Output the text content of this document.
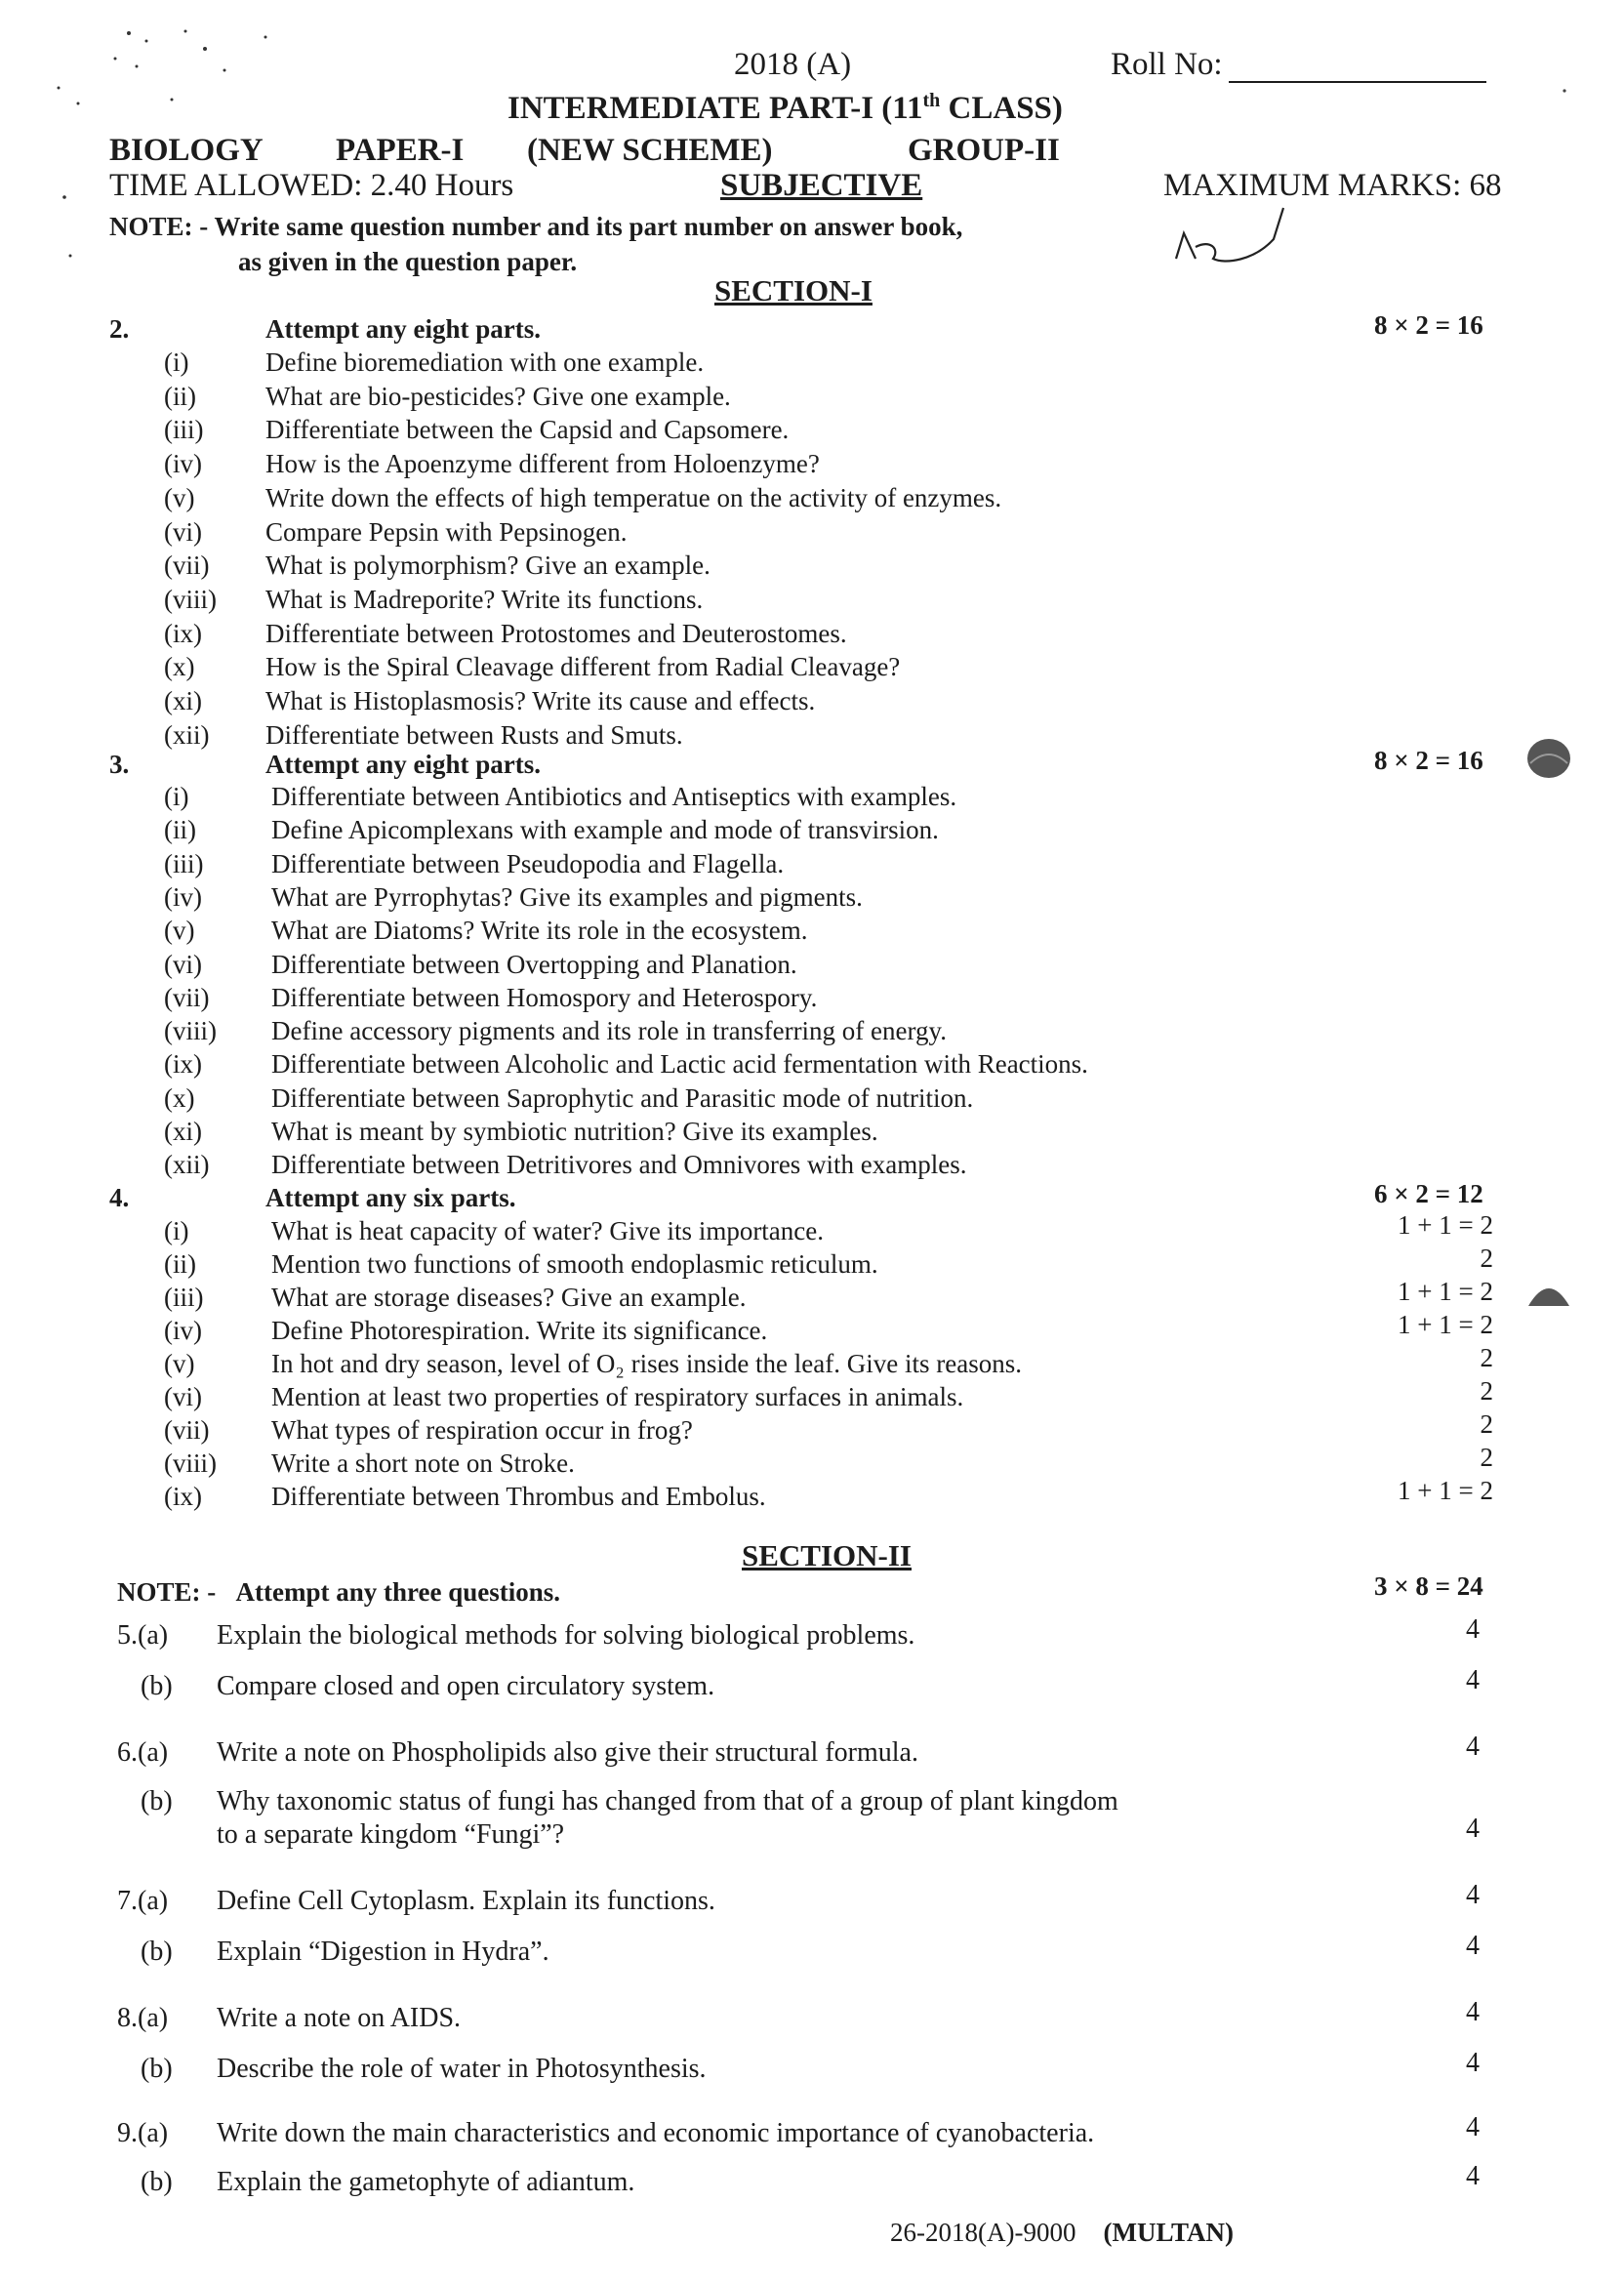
2018 (A)	Roll No:
INTERMEDIATE PART-I (11th CLASS)
BIOLOGY PAPER-I (NEW SCHEME)	GROUP-II
TIME ALLOWED: 2.40 Hours	SUBJECTIVE	MAXIMUM MARKS: 68
NOTE: - Write same question number and its part number on answer book,
as given in the question paper.
SECTION-I
2.	Attempt any eight parts.	8 × 2 = 16
(i)	Define bioremediation with one example.
(ii)	What are bio-pesticides? Give one example.
(iii) Differentiate between the Capsid and Capsomere.
(iv) How is the Apoenzyme different from Holoenzyme?
(v)	Write down the effects of high temperatue on the activity of enzymes.
(vi) Compare Pepsin with Pepsinogen.
(vii) What is polymorphism? Give an example.
(viii) What is Madreporite? Write its functions.
(ix) Differentiate between Protostomes and Deuterostomes.
(x)	How is the Spiral Cleavage different from Radial Cleavage?
(xi) What is Histoplasmosis? Write its cause and effects.
(xii) Differentiate between Rusts and Smuts.
3.	Attempt any eight parts.	8 × 2 = 16
(i)	Differentiate between Antibiotics and Antiseptics with examples.
(ii)	Define Apicomplexans with example and mode of transvirsion.
(iii)	Differentiate between Pseudopodia and Flagella.
(iv)	What are Pyrrophytas? Give its examples and pigments.
(v)	What are Diatoms? Write its role in the ecosystem.
(vi)	Differentiate between Overtopping and Planation.
(vii) Differentiate between Homospory and Heterospory.
(viii) Define accessory pigments and its role in transferring of energy.
(ix)	Differentiate between Alcoholic and Lactic acid fermentation with Reactions.
(x)	Differentiate between Saprophytic and Parasitic mode of nutrition.
(xi)	What is meant by symbiotic nutrition? Give its examples.
(xii) Differentiate between Detritivores and Omnivores with examples.
4.	Attempt any six parts.	6 × 2 = 12
(i)	What is heat capacity of water? Give its importance.	1 + 1 = 2
(ii)	Mention two functions of smooth endoplasmic reticulum.	2
(iii)	What are storage diseases? Give an example.	1 + 1 = 2
(iv)	Define Photorespiration. Write its significance.	1 + 1 = 2
(v)	In hot and dry season, level of O₂ rises inside the leaf. Give its reasons.	2
(vi)	Mention at least two properties of respiratory surfaces in animals.	2
(vii) What types of respiration occur in frog?	2
(viii) Write a short note on Stroke.	2
(ix)	Differentiate between Thrombus and Embolus.	1 + 1 = 2
SECTION-II
NOTE: - Attempt any three questions.	3 × 8 = 24
5.(a) Explain the biological methods for solving biological problems.	4
(b) Compare closed and open circulatory system.	4
6.(a) Write a note on Phospholipids also give their structural formula.	4
(b) Why taxonomic status of fungi has changed from that of a group of plant kingdom
to a separate kingdom “Fungi”?	4
7.(a) Define Cell Cytoplasm. Explain its functions.	4
(b) Explain “Digestion in Hydra”.	4
8.(a) Write a note on AIDS.	4
(b) Describe the role of water in Photosynthesis.	4
9.(a) Write down the main characteristics and economic importance of cyanobacteria.	4
(b) Explain the gametophyte of adiantum.	4
26-2018(A)-9000 (MULTAN)
